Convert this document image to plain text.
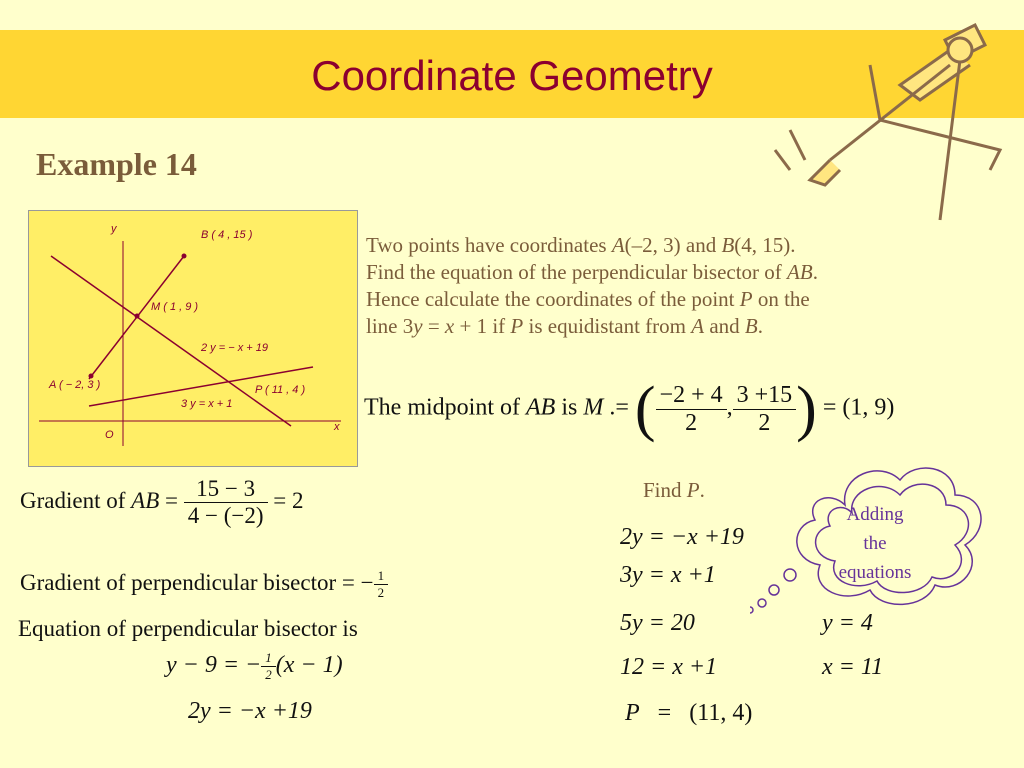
Coordinate Geometry
Example 14
y
x
O
B ( 4 , 15 )
M ( 1 , 9 )
A ( − 2, 3 )	P ( 11 , 4 )
2 y = − x + 19
3 y = x + 1
Two points have coordinates A(–2, 3) and B(4, 15).
Find the equation of the perpendicular bisector of AB.
Hence calculate the coordinates of the point P on the
line 3y = x + 1 if P is equidistant from A and B.
The midpoint of AB is M .= ( $\frac{-2 + 4}{2}$ , $\frac{3 +15}{2}$ ) = (1, 9)
Gradient of AB = $\frac{15 - 3}{4 - (-2)} = 2$
Gradient of perpendicular bisector = − $\frac{1}{2}$
Equation of perpendicular bisector is
y − 9 = − $\frac{1}{2} (x - 1)$
2y = −x +19
Find P.
2y = −x +19
3y = x +1
5y = 20	y = 4
12 = x +1	x = 11
P = (11, 4)
Adding
the
equations
